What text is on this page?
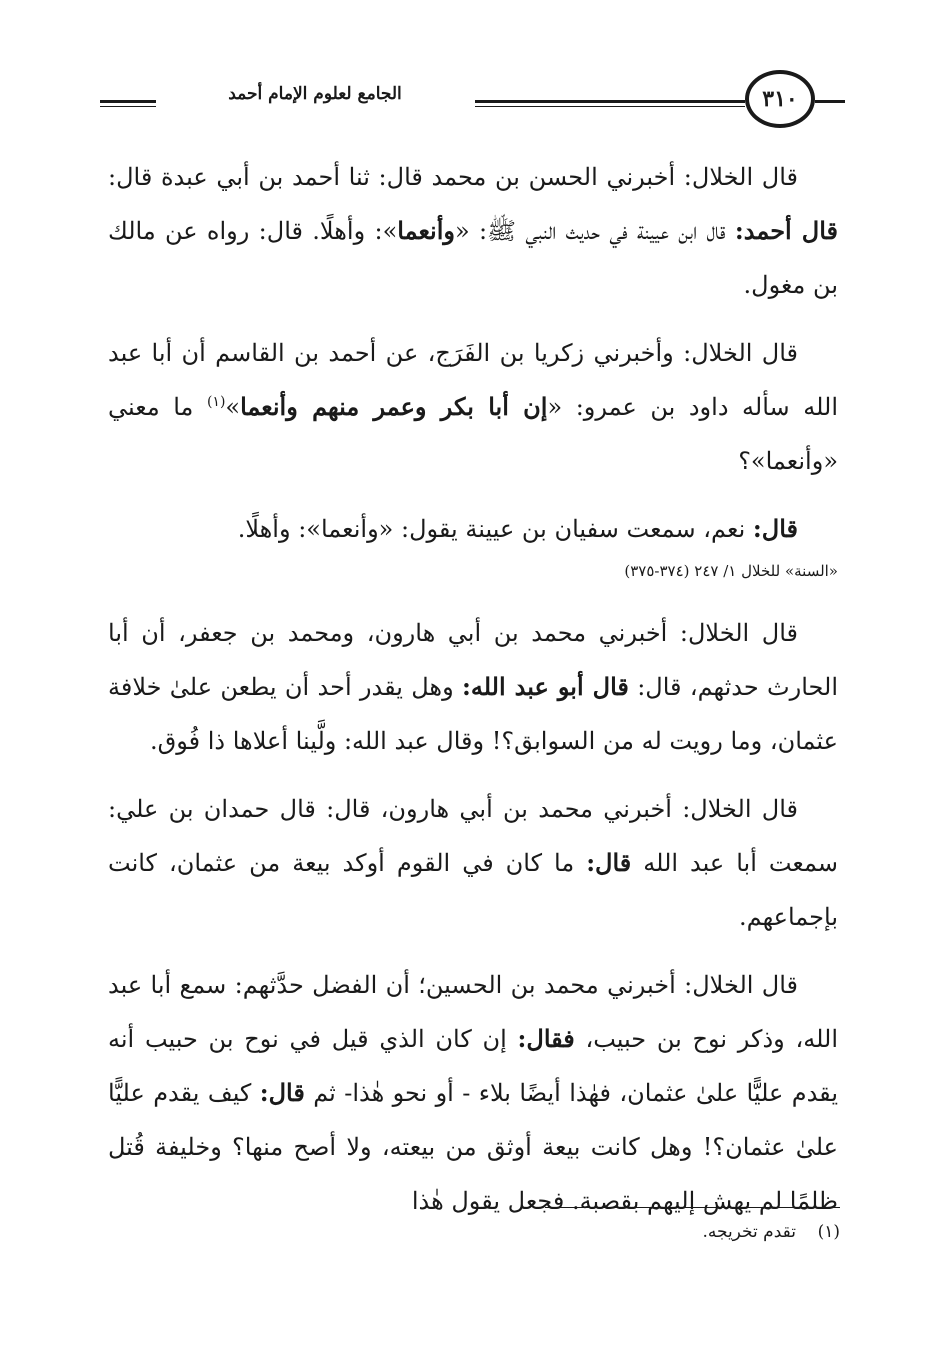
الجامع لعلوم الإمام أحمد	٣١٠

قال الخلال: أخبرني الحسن بن محمد قال: ثنا أحمد بن أبي عبدة قال: قال أحمد: قال ابن عيينة في حديث النبي ﷺ: «وأنعما»: وأهلًا. قال: رواه عن مالك بن مغول.

قال الخلال: وأخبرني زكريا بن الفَرَج، عن أحمد بن القاسم أن أبا عبد الله سأله داود بن عمرو: «إن أبا بكر وعمر منهم وأنعما»$^{(١)}$ ما معني «وأنعما»؟

قال: نعم، سمعت سفيان بن عيينة يقول: «وأنعما»: وأهلًا.

«السنة» للخلال ١/ ٢٤٧ (٣٧٤-٣٧٥)

قال الخلال: أخبرني محمد بن أبي هارون، ومحمد بن جعفر، أن أبا الحارث حدثهم، قال: قال أبو عبد الله: وهل يقدر أحد أن يطعن علىٰ خلافة عثمان، وما رويت له من السوابق؟! وقال عبد الله: ولَّينا أعلاها ذا فُوق.

قال الخلال: أخبرني محمد بن أبي هارون، قال: قال حمدان بن علي: سمعت أبا عبد الله قال: ما كان في القوم أوكد بيعة من عثمان، كانت بإجماعهم.

قال الخلال: أخبرني محمد بن الحسين؛ أن الفضل حدَّثهم: سمع أبا عبد الله، وذكر نوح بن حبيب، فقال: إن كان الذي قيل في نوح بن حبيب أنه يقدم عليًّا علىٰ عثمان، فهٰذا أيضًا بلاء - أو نحو هٰذا- ثم قال: كيف يقدم عليًّا علىٰ عثمان؟! وهل كانت بيعة أوثق من بيعته، ولا أصح منها؟ وخليفة قُتل ظلمًا لم يهش إليهم بقصبة. فجعل يقول هٰذا

(١)    تقدم تخريجه.
